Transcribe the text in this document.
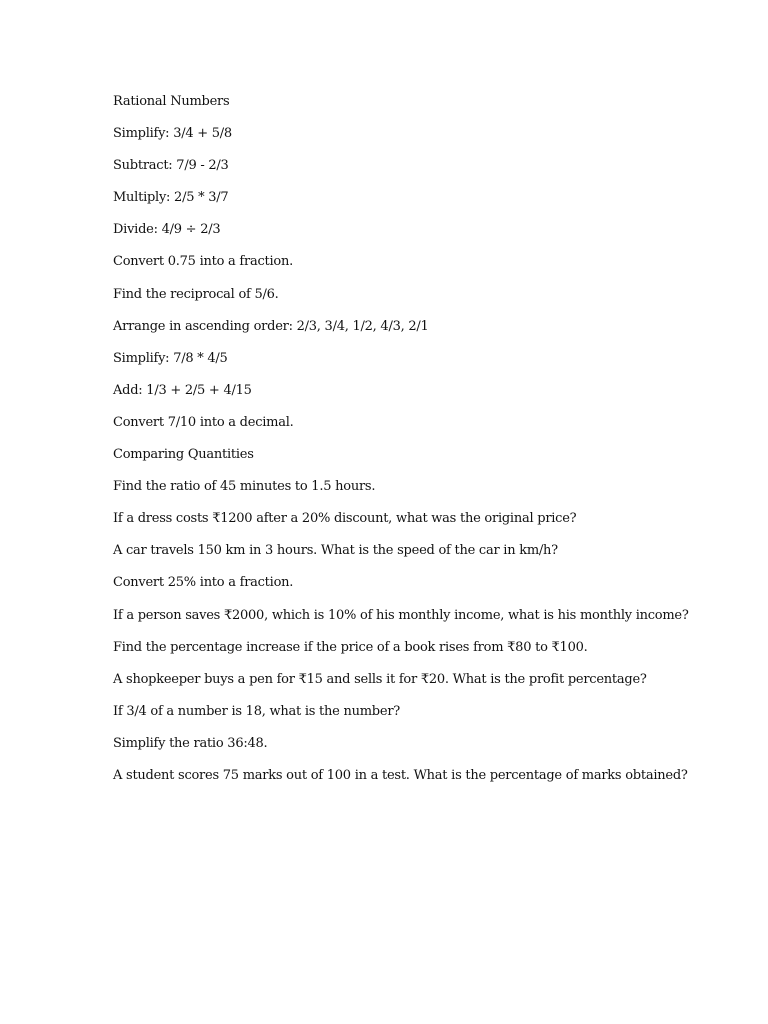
Rational Numbers
Simplify: 3/4 + 5/8
Subtract: 7/9 - 2/3
Multiply: 2/5 * 3/7
Divide: 4/9 ÷ 2/3
Convert 0.75 into a fraction.
Find the reciprocal of 5/6.
Arrange in ascending order: 2/3, 3/4, 1/2, 4/3, 2/1
Simplify: 7/8 * 4/5
Add: 1/3 + 2/5 + 4/15
Convert 7/10 into a decimal.
Comparing Quantities
Find the ratio of 45 minutes to 1.5 hours.
If a dress costs ₹1200 after a 20% discount, what was the original price?
A car travels 150 km in 3 hours. What is the speed of the car in km/h?
Convert 25% into a fraction.
If a person saves ₹2000, which is 10% of his monthly income, what is his monthly income?
Find the percentage increase if the price of a book rises from ₹80 to ₹100.
A shopkeeper buys a pen for ₹15 and sells it for ₹20. What is the profit percentage?
If 3/4 of a number is 18, what is the number?
Simplify the ratio 36:48.
A student scores 75 marks out of 100 in a test. What is the percentage of marks obtained?
